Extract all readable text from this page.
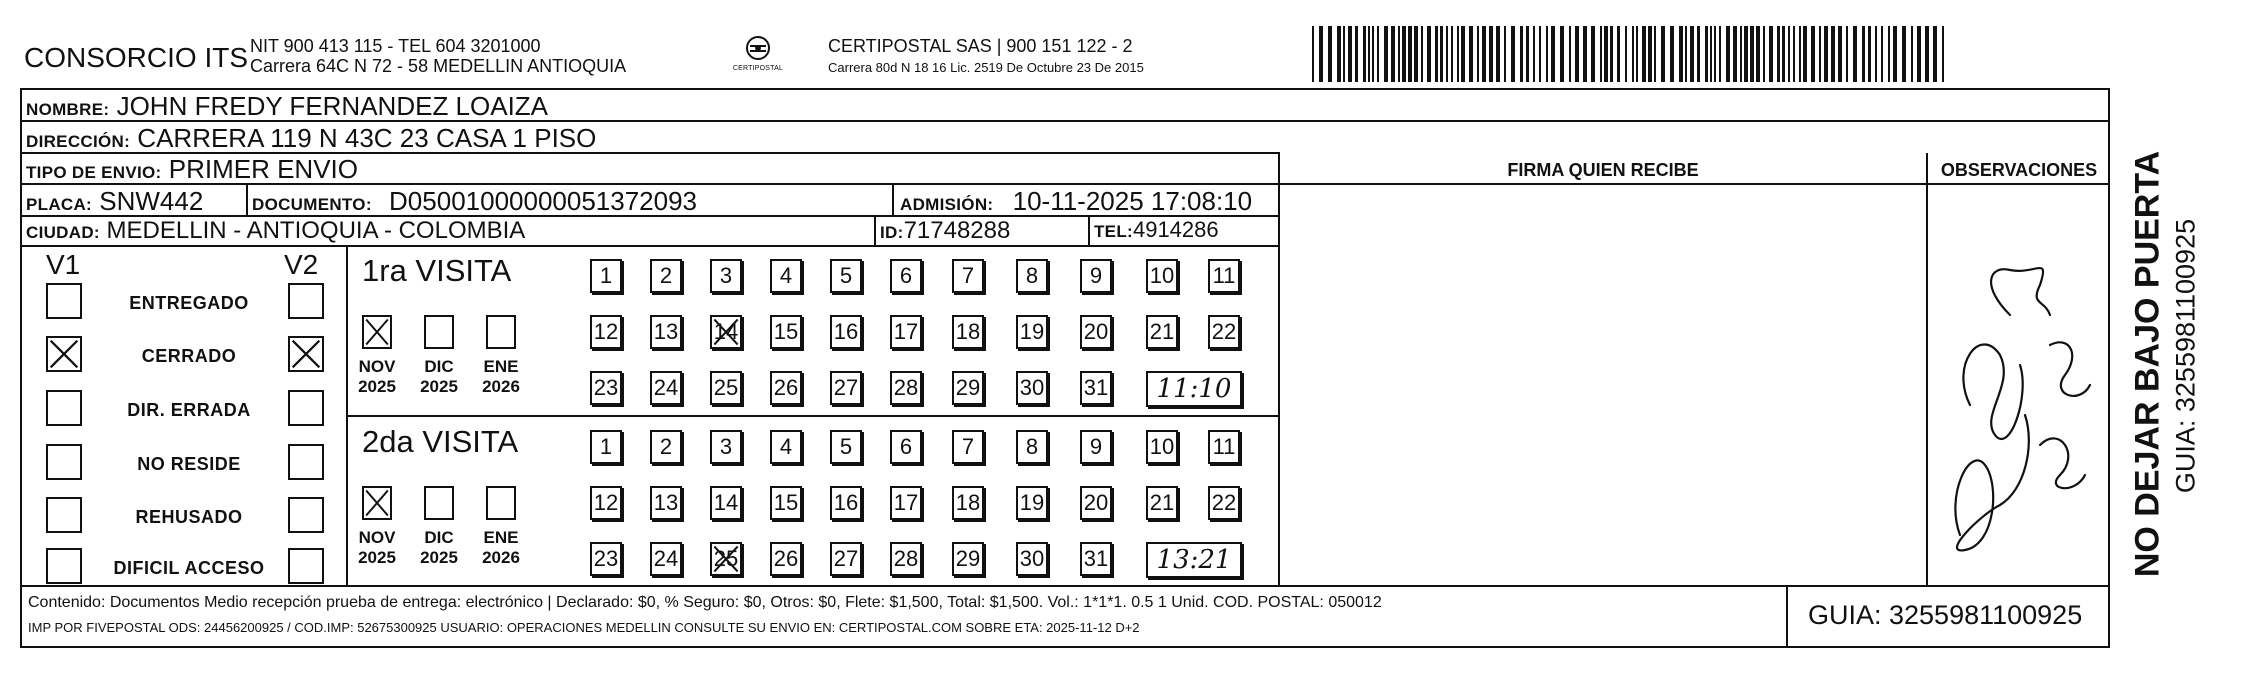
CONSORCIO ITS NIT 900 413 115 - TEL 604 3201000
Carrera 64C N 72 - 58 MEDELLIN ANTIOQUIA	CERTIPOSTAL
CERTIPOSTAL SAS | 900 151 122 - 2
Carrera 80d N 18 16 Lic. 2519 De Octubre 23 De 2015
NOMBRE: JOHN FREDY FERNANDEZ LOAIZA
DIRECCIÓN: CARRERA 119 N 43C 23 CASA 1 PISO
TIPO DE ENVIO: PRIMER ENVIO
PLACA: SNW442	DOCUMENTO: D05001000000051372093	ADMISIÓN: 10-11-2025 17:08:10
CIUDAD: MEDELLIN - ANTIOQUIA - COLOMBIA	ID:71748288	TEL:4914286
FIRMA QUIEN RECIBE	OBSERVACIONES
V1	V2
ENTREGADO
CERRADO
DIR. ERRADA
NO RESIDE
REHUSADO
DIFICIL ACCESO
1ra VISITA
NOV
2025
DIC
2025
ENE
2026
1	2	3	4	5	6	7	8	9	10 11
12 13 14 15 16 17 18 19 20 21 22
23 24 25 26 27 28 29 30 31	11:10
2da VISITA
NOV
2025
DIC
2025
ENE
2026
1	2	3	4	5	6	7	8	9	10 11
12 13 14 15 16 17 18 19 20 21 22
23 24 25 26 27 28 29 30 31	13:21
Contenido: Documentos Medio recepción prueba de entrega: electrónico | Declarado: $0, % Seguro: $0, Otros: $0, Flete: $1,500, Total: $1,500. Vol.: 1*1*1. 0.5 1 Unid. COD. POSTAL: 050012
IMP POR FIVEPOSTAL ODS: 24456200925 / COD.IMP: 52675300925 USUARIO: OPERACIONES MEDELLIN CONSULTE SU ENVIO EN: CERTIPOSTAL.COM SOBRE ETA: 2025-11-12 D+2	GUIA: 3255981100925
NO DEJAR BAJO PUERTA GUIA: 3255981100925
